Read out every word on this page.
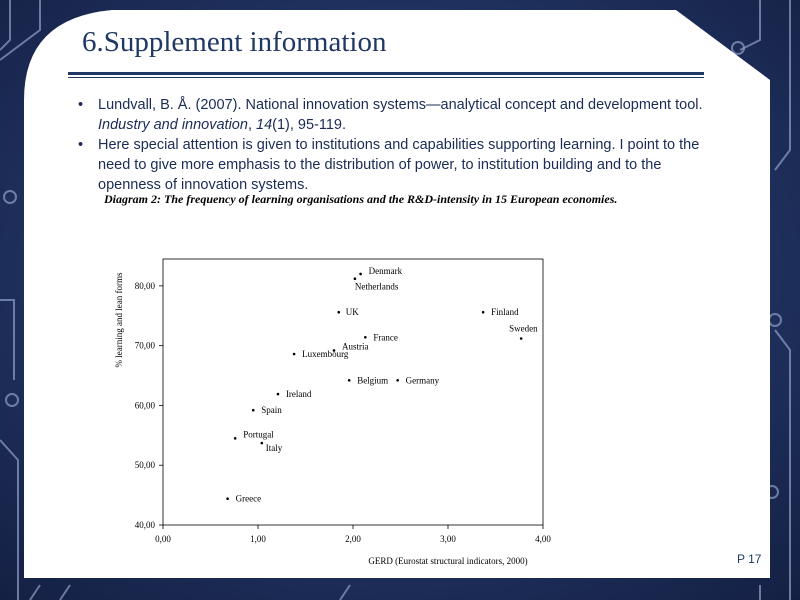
6.Supplement information
• Lundvall, B. Å. (2007). National innovation systems—analytical concept and development tool. Industry and innovation, 14(1), 95-119.
• Here special attention is given to institutions and capabilities supporting learning. I point to the need to give more emphasis to the distribution of power, to institution building and to the openness of innovation systems.
Diagram 2: The frequency of learning organisations and the R&D-intensity in 15 European economies.
40,00
50,00
60,00
70,00
80,00
0,00	1,00	2,00	3,00	4,00
Denmark
Netherlands
UK	Finland
Sweden
France
Austria
Luxembourg
Belgium Germany
Ireland
Spain
Portugal
Italy
Greece
% learning and lean forms
GERD (Eurostat structural indicators, 2000)	P 17
